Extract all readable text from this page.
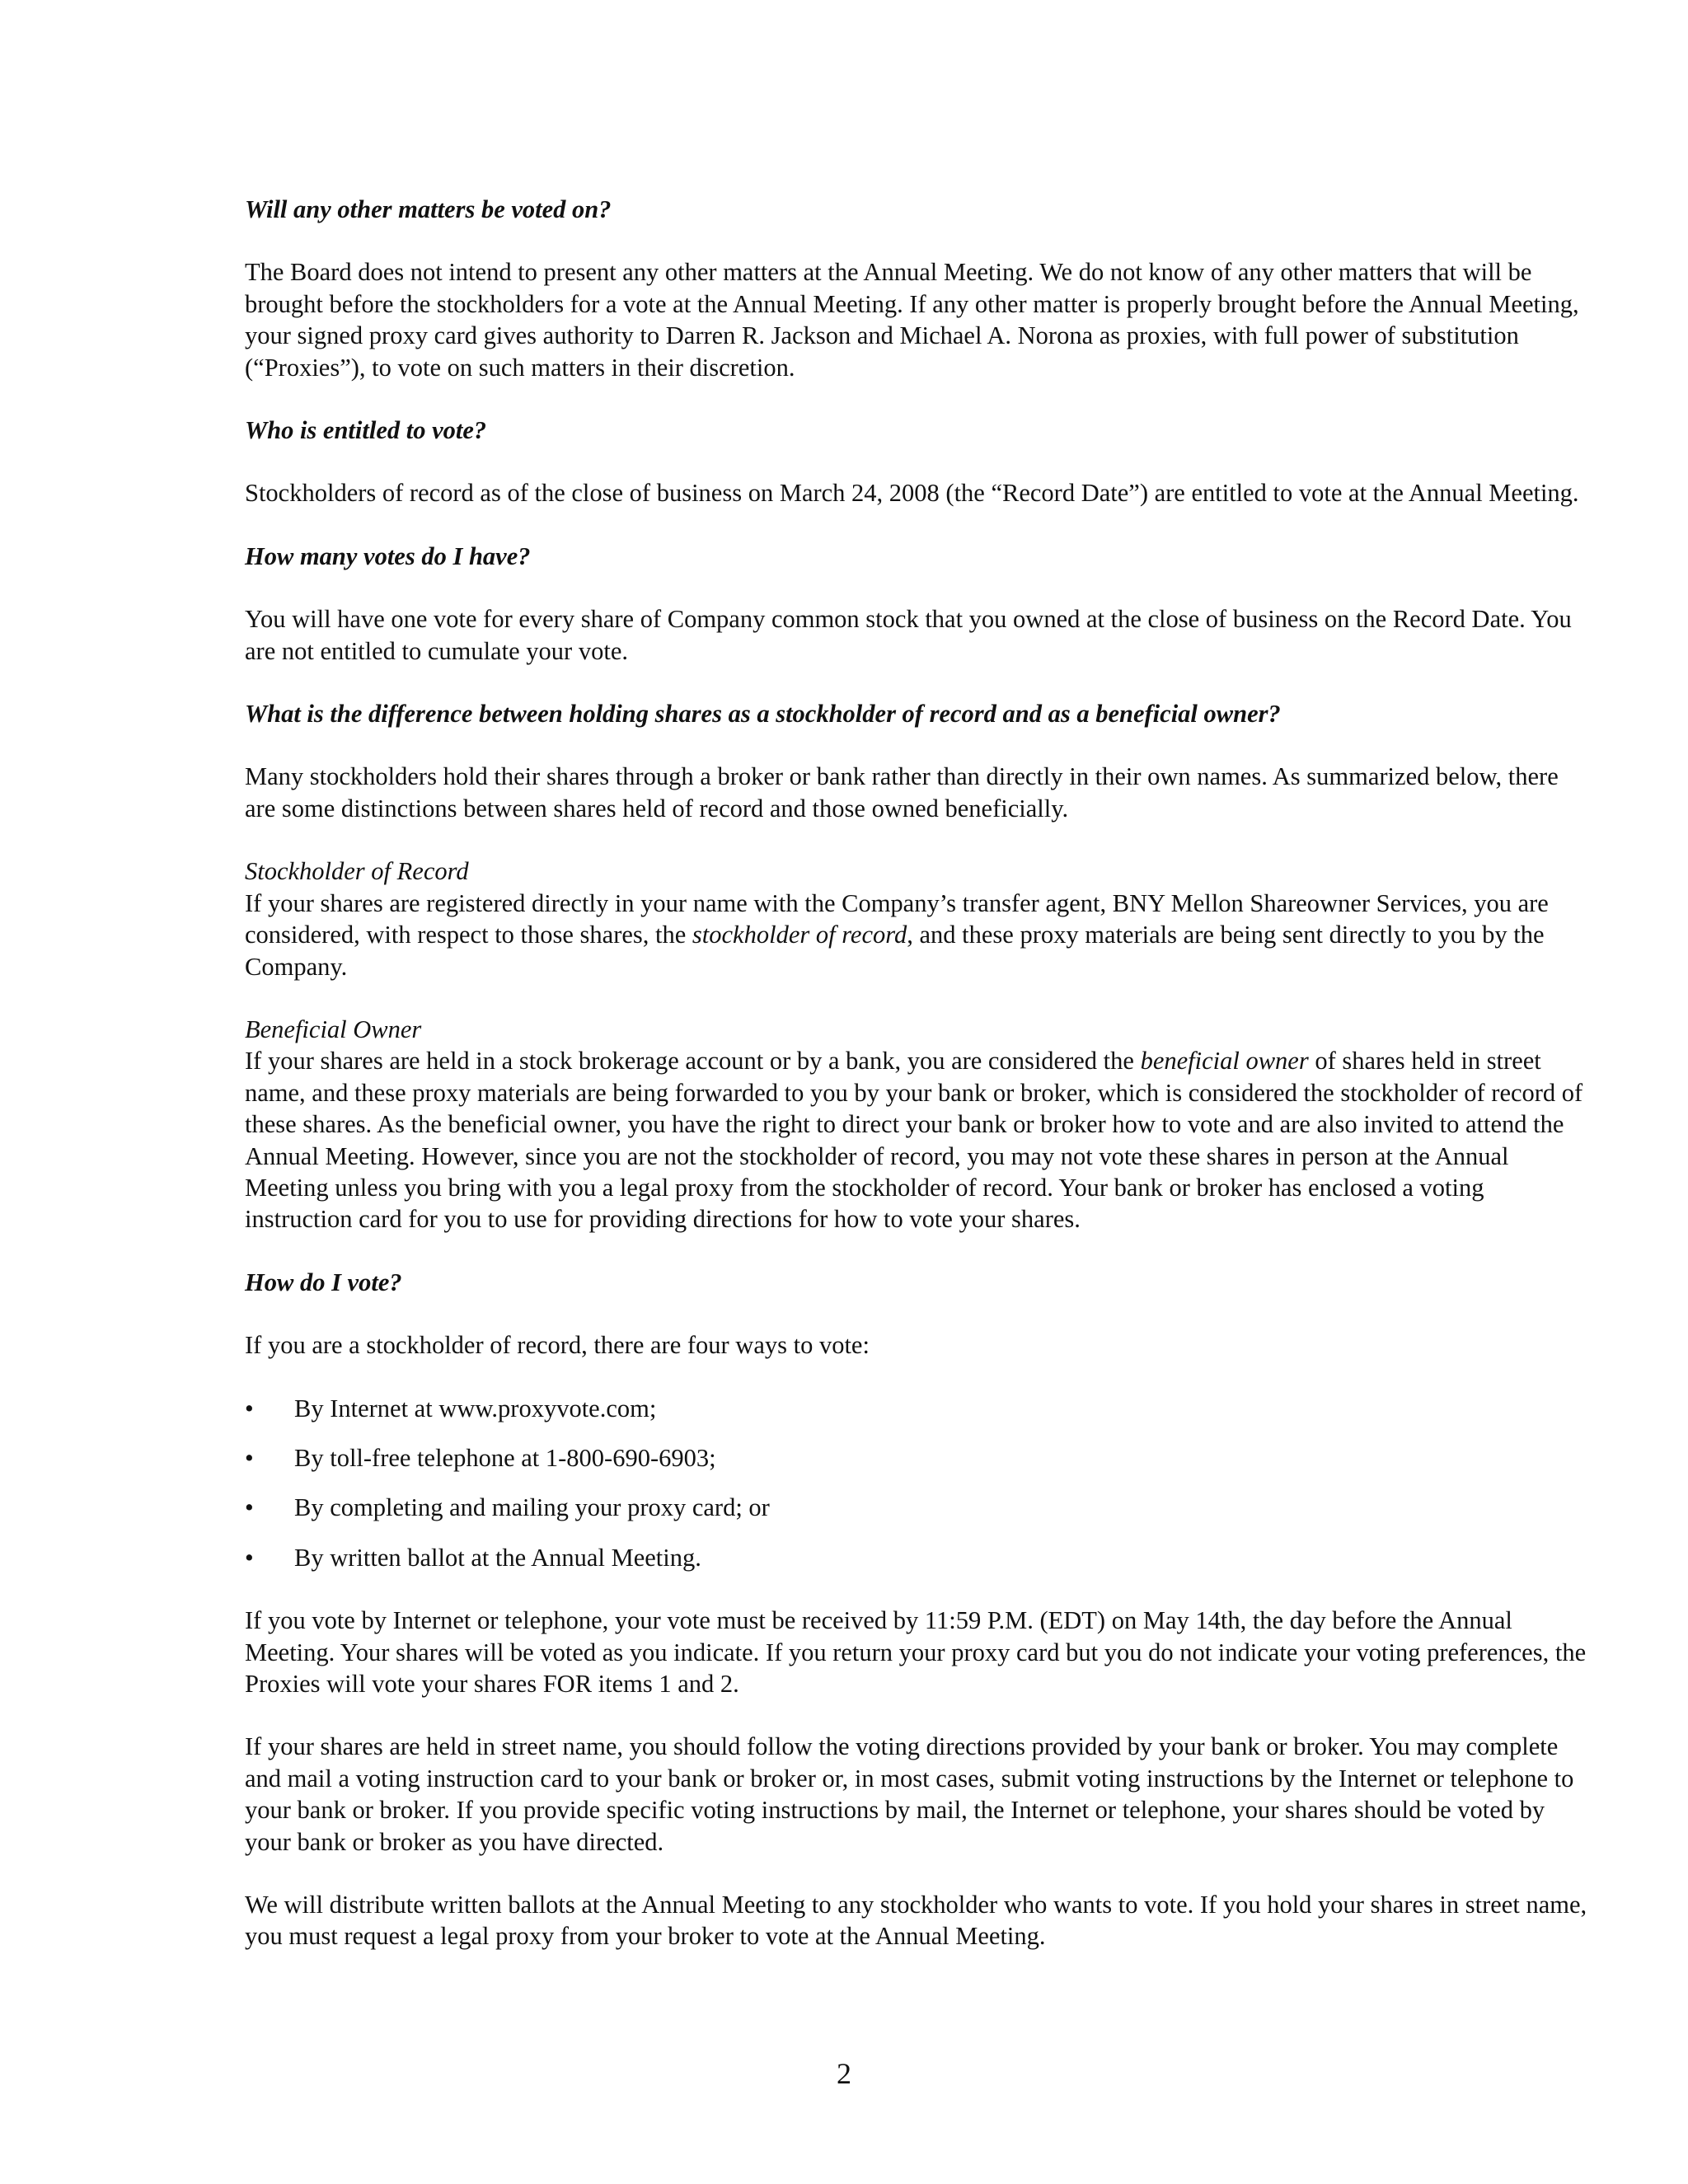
Will any other matters be voted on?

The Board does not intend to present any other matters at the Annual Meeting. We do not know of any other matters that will be brought before the stockholders for a vote at the Annual Meeting. If any other matter is properly brought before the Annual Meeting, your signed proxy card gives authority to Darren R. Jackson and Michael A. Norona as proxies, with full power of substitution (“Proxies”), to vote on such matters in their discretion.

Who is entitled to vote?

Stockholders of record as of the close of business on March 24, 2008 (the “Record Date”) are entitled to vote at the Annual Meeting.

How many votes do I have?

You will have one vote for every share of Company common stock that you owned at the close of business on the Record Date. You are not entitled to cumulate your vote.

What is the difference between holding shares as a stockholder of record and as a beneficial owner?

Many stockholders hold their shares through a broker or bank rather than directly in their own names. As summarized below, there are some distinctions between shares held of record and those owned beneficially.

Stockholder of Record
If your shares are registered directly in your name with the Company’s transfer agent, BNY Mellon Shareowner Services, you are considered, with respect to those shares, the stockholder of record, and these proxy materials are being sent directly to you by the Company.

Beneficial Owner
If your shares are held in a stock brokerage account or by a bank, you are considered the beneficial owner of shares held in street name, and these proxy materials are being forwarded to you by your bank or broker, which is considered the stockholder of record of these shares. As the beneficial owner, you have the right to direct your bank or broker how to vote and are also invited to attend the Annual Meeting. However, since you are not the stockholder of record, you may not vote these shares in person at the Annual Meeting unless you bring with you a legal proxy from the stockholder of record. Your bank or broker has enclosed a voting instruction card for you to use for providing directions for how to vote your shares.

How do I vote?

If you are a stockholder of record, there are four ways to vote:

• By Internet at www.proxyvote.com;
• By toll-free telephone at 1-800-690-6903;
• By completing and mailing your proxy card; or
• By written ballot at the Annual Meeting.

If you vote by Internet or telephone, your vote must be received by 11:59 P.M. (EDT) on May 14th, the day before the Annual Meeting. Your shares will be voted as you indicate. If you return your proxy card but you do not indicate your voting preferences, the Proxies will vote your shares FOR items 1 and 2.

If your shares are held in street name, you should follow the voting directions provided by your bank or broker. You may complete and mail a voting instruction card to your bank or broker or, in most cases, submit voting instructions by the Internet or telephone to your bank or broker. If you provide specific voting instructions by mail, the Internet or telephone, your shares should be voted by your bank or broker as you have directed.

We will distribute written ballots at the Annual Meeting to any stockholder who wants to vote. If you hold your shares in street name, you must request a legal proxy from your broker to vote at the Annual Meeting.

2
